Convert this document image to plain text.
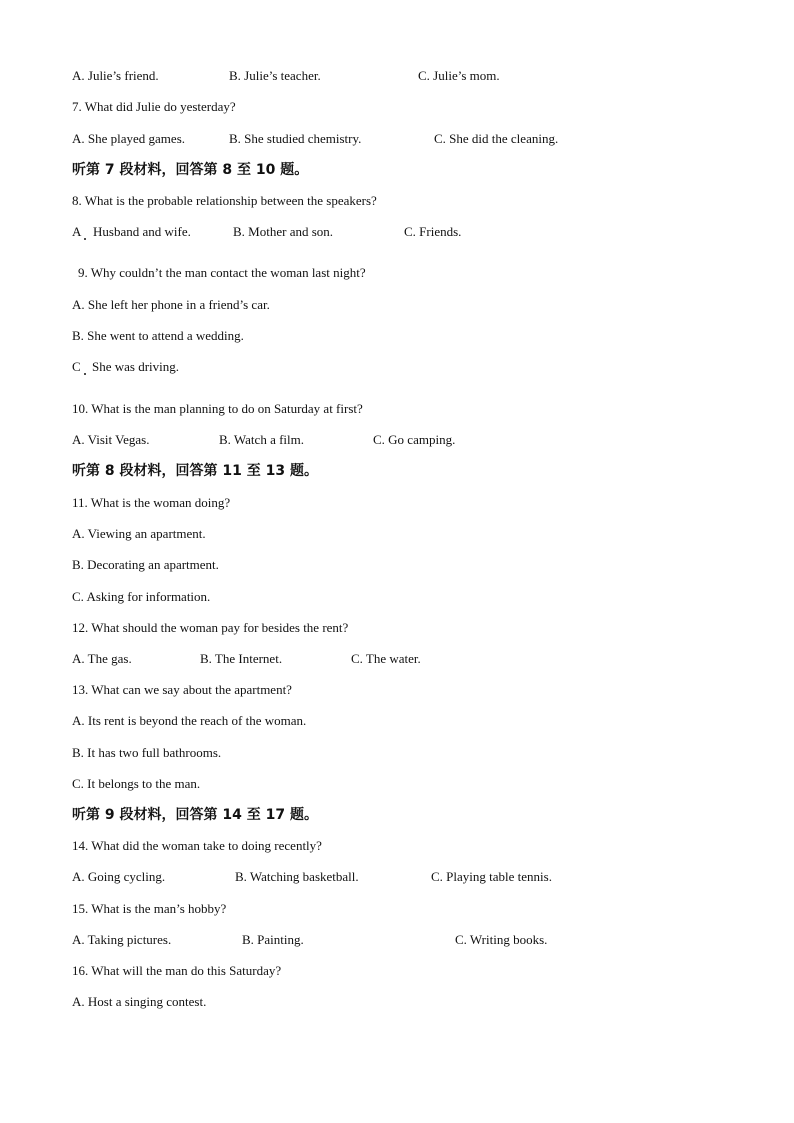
A. Julie’s friend.	B. Julie’s teacher.	C. Julie’s mom.
7. What did Julie do yesterday?
A. She played games.	B. She studied chemistry.	C. She did the cleaning.
听第 7 段材料，回答第 8 至 10 题。
8. What is the probable relationship between the speakers?
A Husband and wife.	B. Mother and son.	C. Friends.
9. Why couldn’t the man contact the woman last night?
A. She left her phone in a friend’s car.
B. She went to attend a wedding.
C She was driving.
10. What is the man planning to do on Saturday at first?
A. Visit Vegas.	B. Watch a film.	C. Go camping.
听第 8 段材料，回答第 11 至 13 题。
11. What is the woman doing?
A. Viewing an apartment.
B. Decorating an apartment.
C. Asking for information.
12. What should the woman pay for besides the rent?
A. The gas.	B. The Internet.	C. The water.
13. What can we say about the apartment?
A. Its rent is beyond the reach of the woman.
B. It has two full bathrooms.
C. It belongs to the man.
听第 9 段材料，回答第 14 至 17 题。
14. What did the woman take to doing recently?
A. Going cycling.	B. Watching basketball.	C. Playing table tennis.
15. What is the man’s hobby?
A. Taking pictures.	B. Painting.	C. Writing books.
16. What will the man do this Saturday?
A. Host a singing contest.
